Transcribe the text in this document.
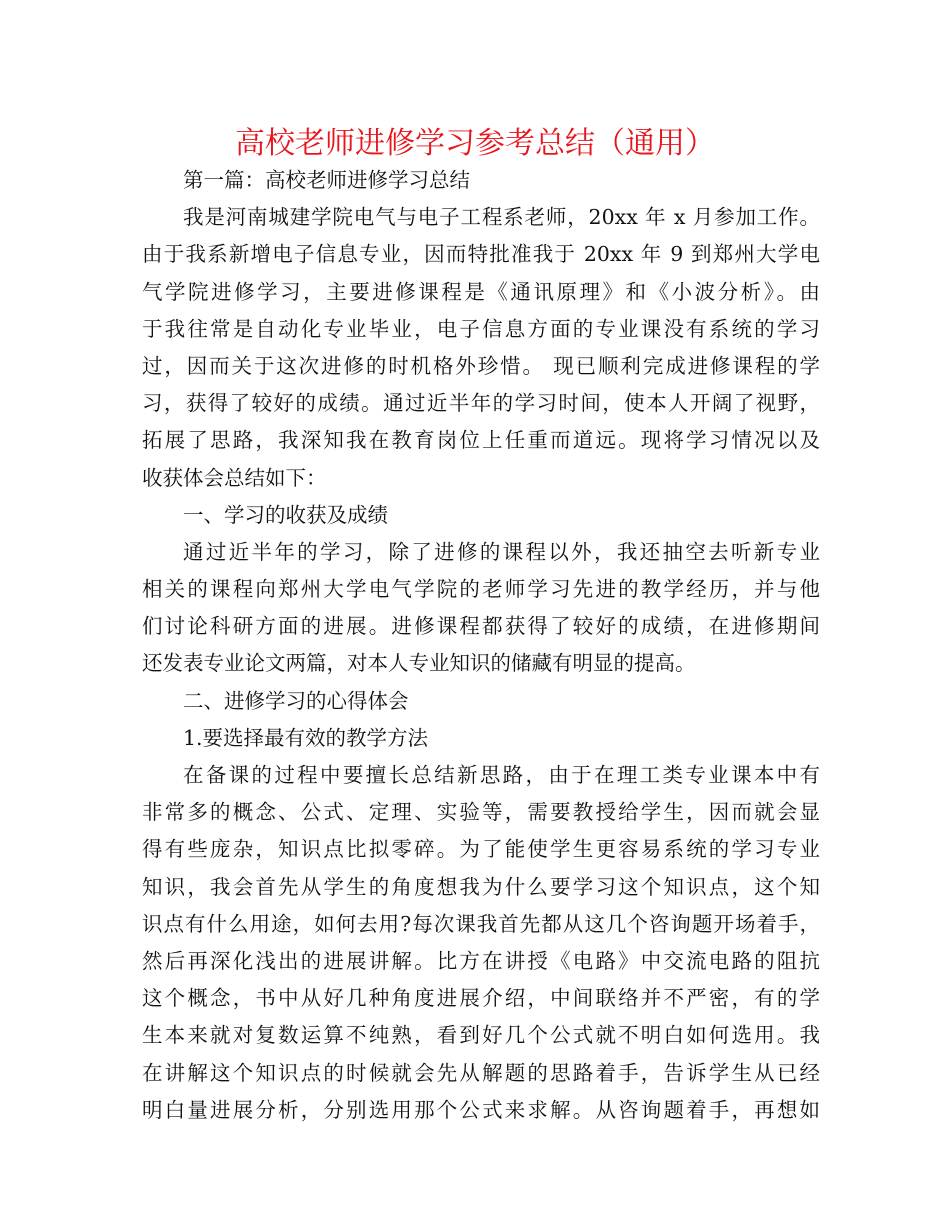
高校老师进修学习参考总结（通用）
第一篇：高校老师进修学习总结
我是河南城建学院电气与电子工程系老师，20xx 年 x 月参加工作。
由于我系新增电子信息专业，因而特批准我于 20xx 年 9 到郑州大学电
气学院进修学习，主要进修课程是《通讯原理》和《小波分析》。由
于我往常是自动化专业毕业，电子信息方面的专业课没有系统的学习
过，因而关于这次进修的时机格外珍惜。 现已顺利完成进修课程的学
习，获得了较好的成绩。通过近半年的学习时间，使本人开阔了视野，
拓展了思路，我深知我在教育岗位上任重而道远。现将学习情况以及
收获体会总结如下：
一、学习的收获及成绩
通过近半年的学习，除了进修的课程以外，我还抽空去听新专业
相关的课程向郑州大学电气学院的老师学习先进的教学经历，并与他
们讨论科研方面的进展。进修课程都获得了较好的成绩，在进修期间
还发表专业论文两篇，对本人专业知识的储藏有明显的提高。
二、进修学习的心得体会
1.要选择最有效的教学方法
在备课的过程中要擅长总结新思路，由于在理工类专业课本中有
非常多的概念、公式、定理、实验等，需要教授给学生，因而就会显
得有些庞杂，知识点比拟零碎。为了能使学生更容易系统的学习专业
知识，我会首先从学生的角度想我为什么要学习这个知识点，这个知
识点有什么用途，如何去用?每次课我首先都从这几个咨询题开场着手，
然后再深化浅出的进展讲解。比方在讲授《电路》中交流电路的阻抗
这个概念，书中从好几种角度进展介绍，中间联络并不严密，有的学
生本来就对复数运算不纯熟，看到好几个公式就不明白如何选用。我
在讲解这个知识点的时候就会先从解题的思路着手，告诉学生从已经
明白量进展分析，分别选用那个公式来求解。从咨询题着手，再想如
